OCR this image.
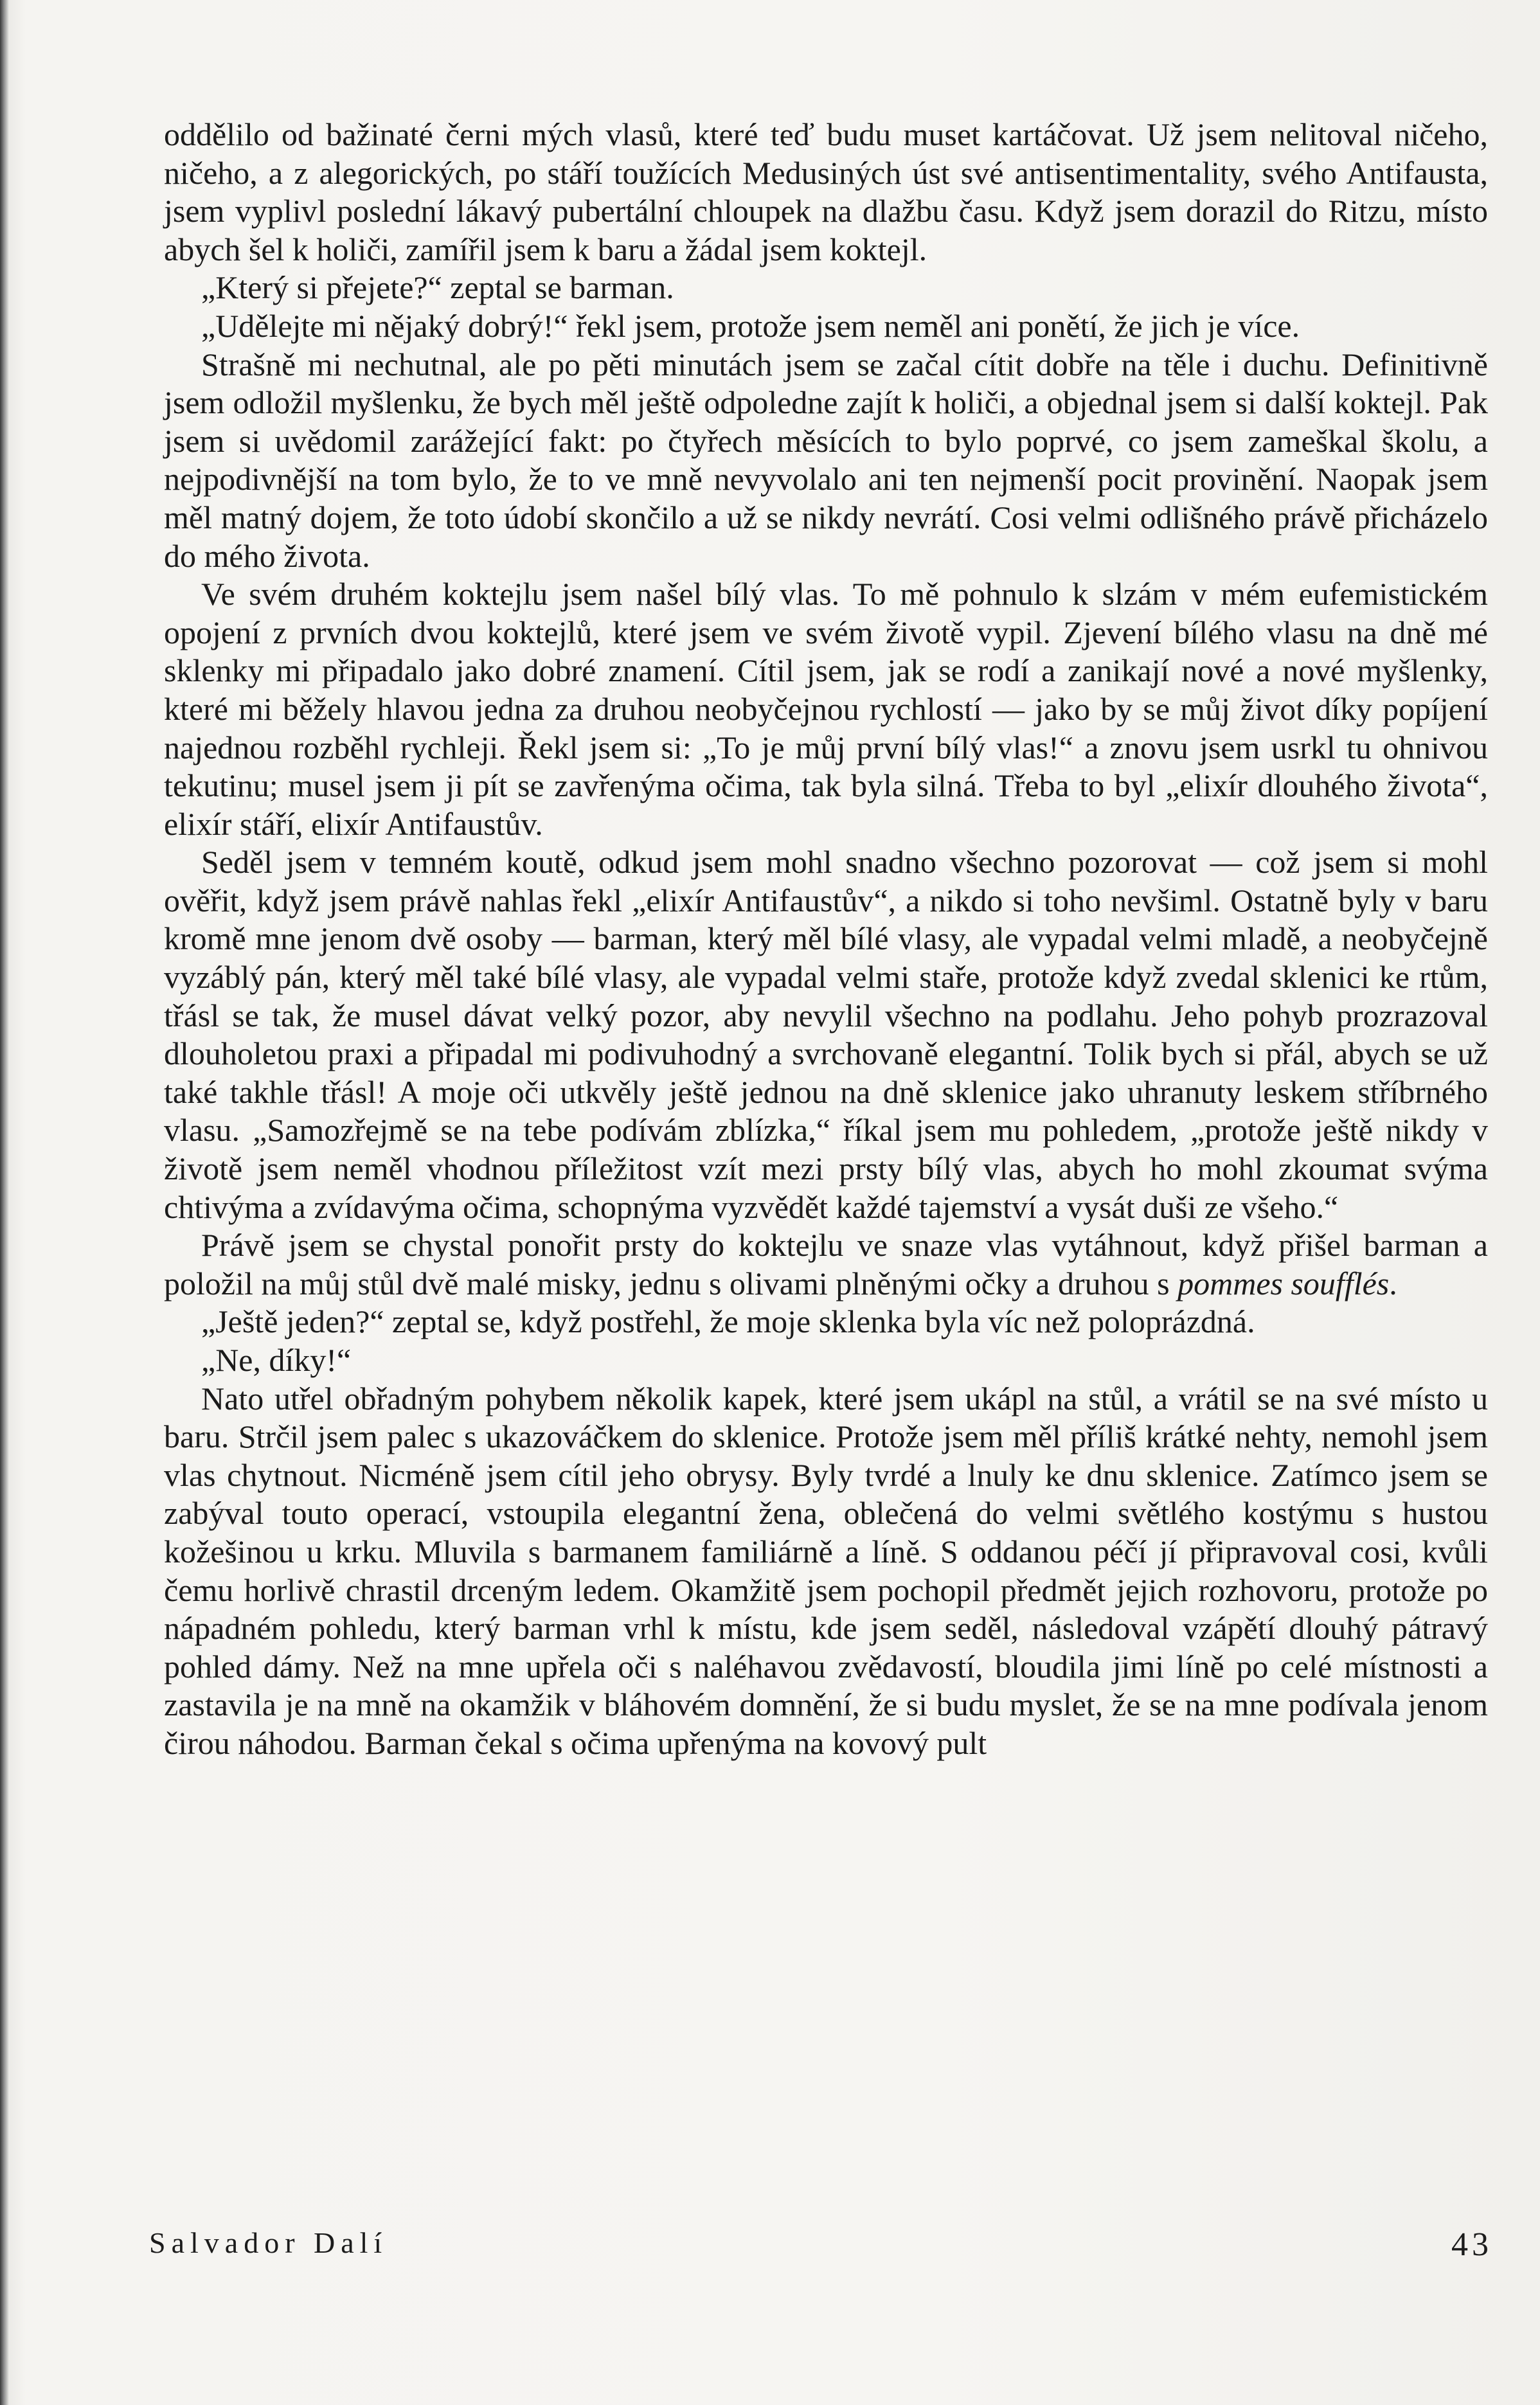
oddělilo od bažinaté černi mých vlasů, které teď budu muset kartáčovat. Už jsem nelitoval ničeho, ničeho, a z alegorických, po stáří toužících Medusiných úst své antisentimentality, svého Antifausta, jsem vyplivl poslední lákavý pubertální chloupek na dlažbu času. Když jsem dorazil do Ritzu, místo abych šel k holiči, zamířil jsem k baru a žádal jsem koktejl.

„Který si přejete?“ zeptal se barman.

„Udělejte mi nějaký dobrý!“ řekl jsem, protože jsem neměl ani ponětí, že jich je více.

Strašně mi nechutnal, ale po pěti minutách jsem se začal cítit dobře na těle i duchu. Definitivně jsem odložil myšlenku, že bych měl ještě odpoledne zajít k holiči, a objednal jsem si další koktejl. Pak jsem si uvědomil zarážející fakt: po čtyřech měsících to bylo poprvé, co jsem zameškal školu, a nejpodivnější na tom bylo, že to ve mně nevyvolalo ani ten nejmenší pocit provinění. Naopak jsem měl matný dojem, že toto údobí skončilo a už se nikdy nevrátí. Cosi velmi odlišného právě přicházelo do mého života.

Ve svém druhém koktejlu jsem našel bílý vlas. To mě pohnulo k slzám v mém eufemistickém opojení z prvních dvou koktejlů, které jsem ve svém životě vypil. Zjevení bílého vlasu na dně mé sklenky mi připadalo jako dobré znamení. Cítil jsem, jak se rodí a zanikají nové a nové myšlenky, které mi běžely hlavou jedna za druhou neobyčejnou rychlostí — jako by se můj život díky popíjení najednou rozběhl rychleji. Řekl jsem si: „To je můj první bílý vlas!“ a znovu jsem usrkl tu ohnivou tekutinu; musel jsem ji pít se zavřenýma očima, tak byla silná. Třeba to byl „elixír dlouhého života“, elixír stáří, elixír Antifaustův.

Seděl jsem v temném koutě, odkud jsem mohl snadno všechno pozorovat — což jsem si mohl ověřit, když jsem právě nahlas řekl „elixír Antifaustův“, a nikdo si toho nevšiml. Ostatně byly v baru kromě mne jenom dvě osoby — barman, který měl bílé vlasy, ale vypadal velmi mladě, a neobyčejně vyzáblý pán, který měl také bílé vlasy, ale vypadal velmi staře, protože když zvedal sklenici ke rtům, třásl se tak, že musel dávat velký pozor, aby nevylil všechno na podlahu. Jeho pohyb prozrazoval dlouholetou praxi a připadal mi podivuhodný a svrchovaně elegantní. Tolik bych si přál, abych se už také takhle třásl! A moje oči utkvěly ještě jednou na dně sklenice jako uhranuty leskem stříbrného vlasu. „Samozřejmě se na tebe podívám zblízka,“ říkal jsem mu pohledem, „protože ještě nikdy v životě jsem neměl vhodnou příležitost vzít mezi prsty bílý vlas, abych ho mohl zkoumat svýma chtivýma a zvídavýma očima, schopnýma vyzvědět každé tajemství a vysát duši ze všeho.“

Právě jsem se chystal ponořit prsty do koktejlu ve snaze vlas vytáhnout, když přišel barman a položil na můj stůl dvě malé misky, jednu s olivami plněnými očky a druhou s pommes soufflés.

„Ještě jeden?“ zeptal se, když postřehl, že moje sklenka byla víc než poloprázdná.

„Ne, díky!“

Nato utřel obřadným pohybem několik kapek, které jsem ukápl na stůl, a vrátil se na své místo u baru. Strčil jsem palec s ukazováčkem do sklenice. Protože jsem měl příliš krátké nehty, nemohl jsem vlas chytnout. Nicméně jsem cítil jeho obrysy. Byly tvrdé a lnuly ke dnu sklenice. Zatímco jsem se zabýval touto operací, vstoupila elegantní žena, oblečená do velmi světlého kostýmu s hustou kožešinou u krku. Mluvila s barmanem familiárně a líně. S oddanou péčí jí připravoval cosi, kvůli čemu horlivě chrastil drceným ledem. Okamžitě jsem pochopil předmět jejich rozhovoru, protože po nápadném pohledu, který barman vrhl k místu, kde jsem seděl, následoval vzápětí dlouhý pátravý pohled dámy. Než na mne upřela oči s naléhavou zvědavostí, bloudila jimi líně po celé místnosti a zastavila je na mně na okamžik v bláhovém domnění, že si budu myslet, že se na mne podívala jenom čirou náhodou. Barman čekal s očima upřenýma na kovový pult

Salvador Dalí	43
